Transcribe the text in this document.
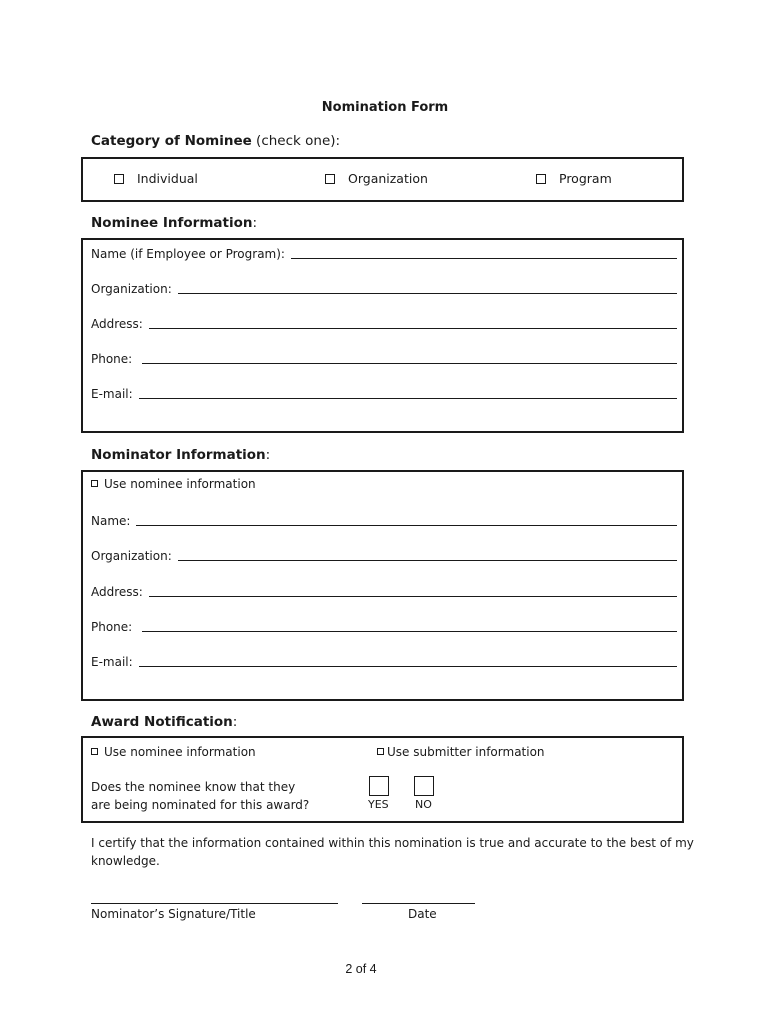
Nomination Form
Category of Nominee (check one):
Individual	Organization	Program
Nominee Information:
Name (if Employee or Program):
Organization:
Address:
Phone:
E-mail:
Nominator Information:
Use nominee information
Name:
Organization:
Address:
Phone:
E-mail:
Award Notification:
Use nominee information	Use submitter information
Does the nominee know that they
are being nominated for this award?	YES NO
I certify that the information contained within this nomination is true and accurate to the best of my
knowledge.
Nominator’s Signature/Title	Date
2 of 4
